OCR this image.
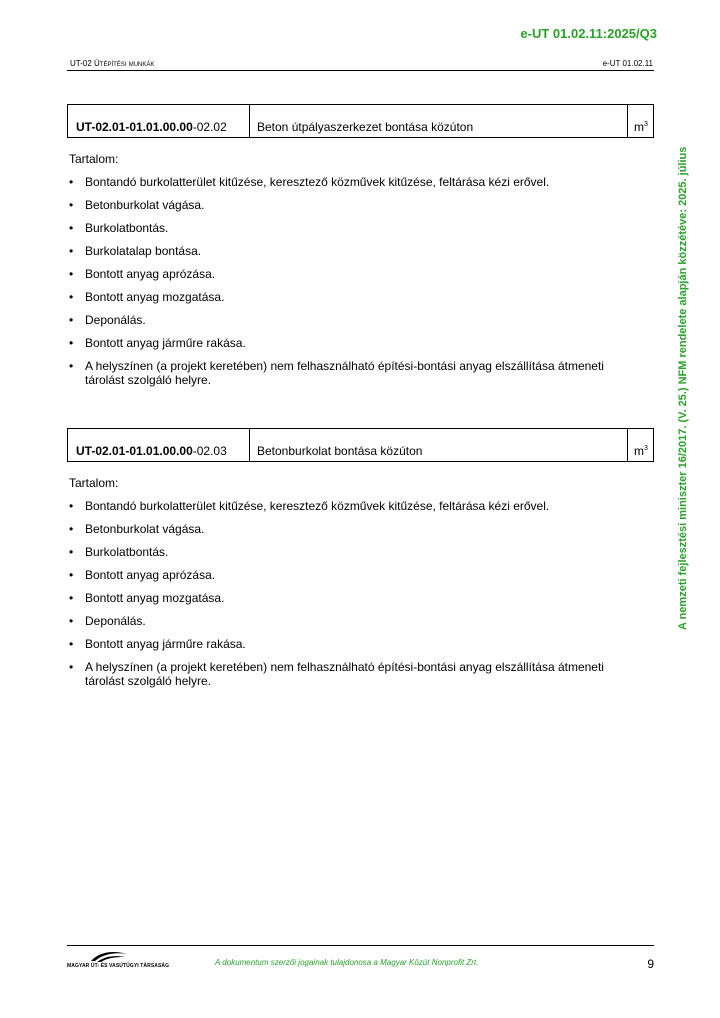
e-UT 01.02.11:2025/Q3
UT-02 Útépítési munkák	e-UT 01.02.11
A nemzeti fejlesztési miniszter 16/2017. (V. 25.) NFM rendelete alapján közzétéve: 2025. július
UT-02.01-01.01.00.00-02.02	Beton útpályaszerkezet bontása közúton	$m^3$
Tartalom:
• Bontandó burkolatterület kitűzése, keresztező közművek kitűzése, feltárása kézi erővel.
• Betonburkolat vágása.
• Burkolatbontás.
• Burkolatalap bontása.
• Bontott anyag aprózása.
• Bontott anyag mozgatása.
• Deponálás.
• Bontott anyag járműre rakása.
• A helyszínen (a projekt keretében) nem felhasználható építési-bontási anyag elszállítása átmeneti tárolást szolgáló helyre.
UT-02.01-01.01.00.00-02.03	Betonburkolat bontása közúton	$m^3$
Tartalom:
• Bontandó burkolatterület kitűzése, keresztező közművek kitűzése, feltárása kézi erővel.
• Betonburkolat vágása.
• Burkolatbontás.
• Bontott anyag aprózása.
• Bontott anyag mozgatása.
• Deponálás.
• Bontott anyag járműre rakása.
• A helyszínen (a projekt keretében) nem felhasználható építési-bontási anyag elszállítása átmeneti tárolást szolgáló helyre.
MAGYAR ÚT- ÉS VASÚTÜGYI TÁRSASÁG	A dokumentum szerzői jogainak tulajdonosa a Magyar Közút Nonprofit Zrt.	9
